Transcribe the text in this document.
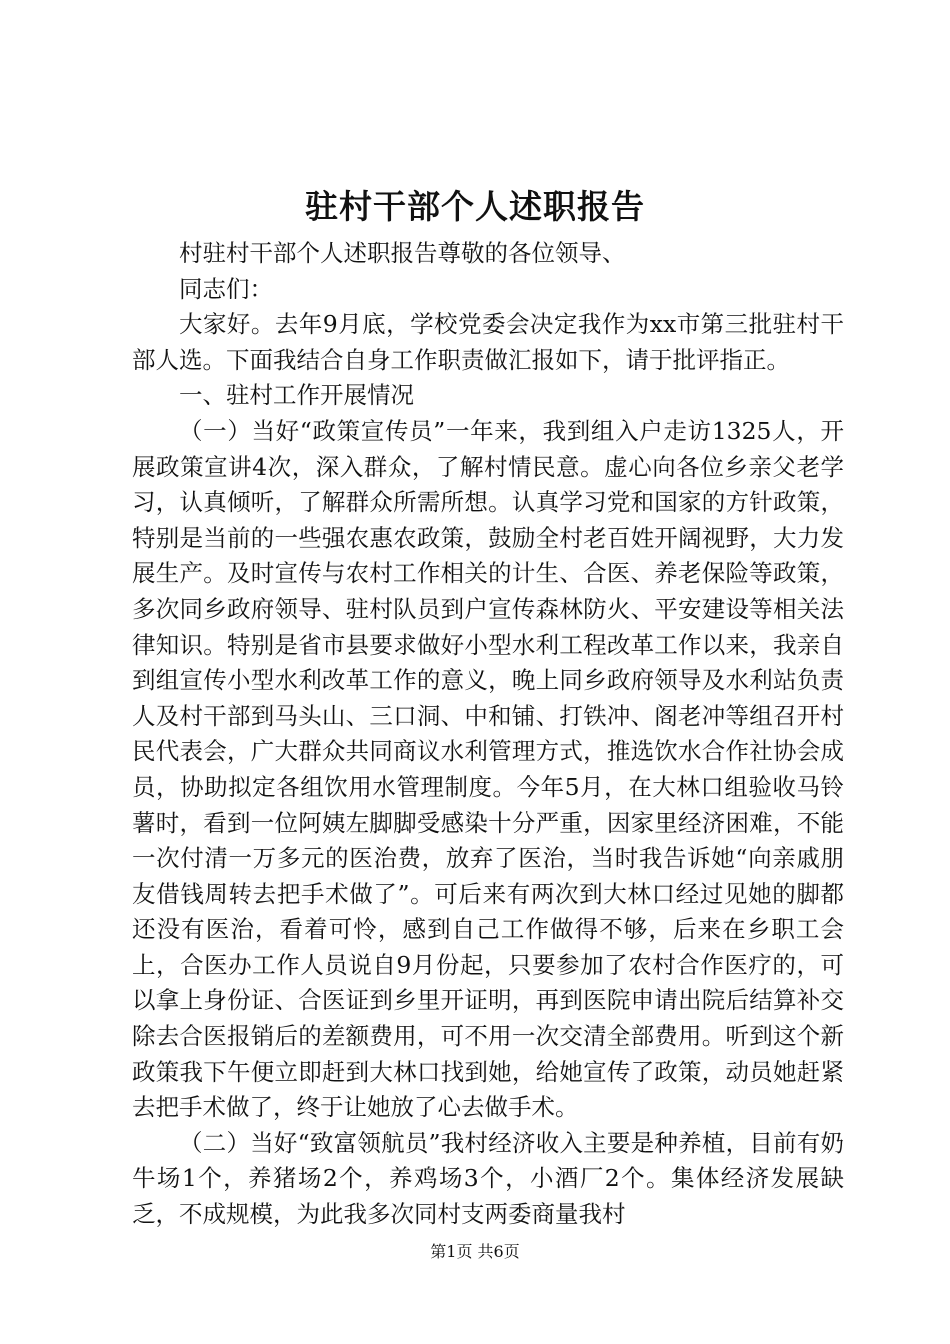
驻村干部个人述职报告

村驻村干部个人述职报告尊敬的各位领导、

同志们：

大家好。去年9月底，学校党委会决定我作为xx市第三批驻村干部人选。下面我结合自身工作职责做汇报如下，请于批评指正。

一、驻村工作开展情况

（一）当好“政策宣传员”一年来，我到组入户走访1325人，开展政策宣讲4次，深入群众，了解村情民意。虚心向各位乡亲父老学习，认真倾听，了解群众所需所想。认真学习党和国家的方针政策，特别是当前的一些强农惠农政策，鼓励全村老百姓开阔视野，大力发展生产。及时宣传与农村工作相关的计生、合医、养老保险等政策，多次同乡政府领导、驻村队员到户宣传森林防火、平安建设等相关法律知识。特别是省市县要求做好小型水利工程改革工作以来，我亲自到组宣传小型水利改革工作的意义，晚上同乡政府领导及水利站负责人及村干部到马头山、三口洞、中和铺、打铁冲、阁老冲等组召开村民代表会，广大群众共同商议水利管理方式，推选饮水合作社协会成员，协助拟定各组饮用水管理制度。今年5月，在大林口组验收马铃薯时，看到一位阿姨左脚脚受感染十分严重，因家里经济困难，不能一次付清一万多元的医治费，放弃了医治，当时我告诉她“向亲戚朋友借钱周转去把手术做了”。可后来有两次到大林口经过见她的脚都还没有医治，看着可怜，感到自己工作做得不够，后来在乡职工会上，合医办工作人员说自9月份起，只要参加了农村合作医疗的，可以拿上身份证、合医证到乡里开证明，再到医院申请出院后结算补交除去合医报销后的差额费用，可不用一次交清全部费用。听到这个新政策我下午便立即赶到大林口找到她，给她宣传了政策，动员她赶紧去把手术做了，终于让她放了心去做手术。

（二）当好“致富领航员”我村经济收入主要是种养植，目前有奶牛场1个，养猪场2个，养鸡场3个，小酒厂2个。集体经济发展缺乏，不成规模，为此我多次同村支两委商量我村

第1页 共6页
